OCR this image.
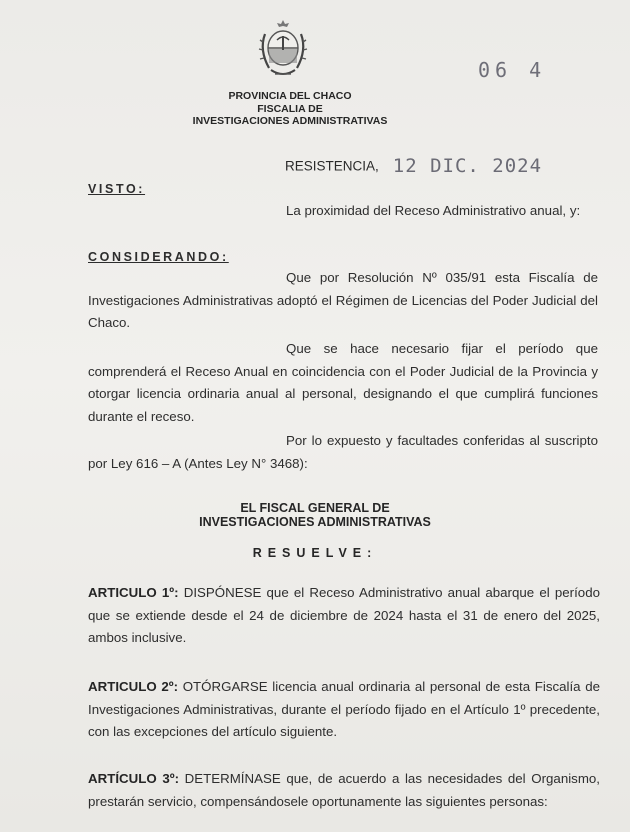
06 4
PROVINCIA DEL CHACO
FISCALIA DE
INVESTIGACIONES ADMINISTRATIVAS
RESISTENCIA, 12 DIC. 2024
VISTO:
La proximidad del Receso Administrativo anual, y:
CONSIDERANDO:
Que por Resolución Nº 035/91 esta Fiscalía de Investigaciones Administrativas adoptó el Régimen de Licencias del Poder Judicial del Chaco.
Que se hace necesario fijar el período que comprenderá el Receso Anual en coincidencia con el Poder Judicial de la Provincia y otorgar licencia ordinaria anual al personal, designando el que cumplirá funciones durante el receso.
Por lo expuesto y facultades conferidas al suscripto por Ley 616 – A (Antes Ley N° 3468):
EL FISCAL GENERAL DE
INVESTIGACIONES ADMINISTRATIVAS
RESUELVE:
ARTICULO 1º: DISPÓNESE que el Receso Administrativo anual abarque el período que se extiende desde el 24 de diciembre de 2024 hasta el 31 de enero del 2025, ambos inclusive.
ARTICULO 2º: OTÓRGARSE licencia anual ordinaria al personal de esta Fiscalía de Investigaciones Administrativas, durante el período fijado en el Artículo 1º precedente, con las excepciones del artículo siguiente.
ARTÍCULO 3º: DETERMÍNASE que, de acuerdo a las necesidades del Organismo, prestarán servicio, compensándosele oportunamente las siguientes personas:
